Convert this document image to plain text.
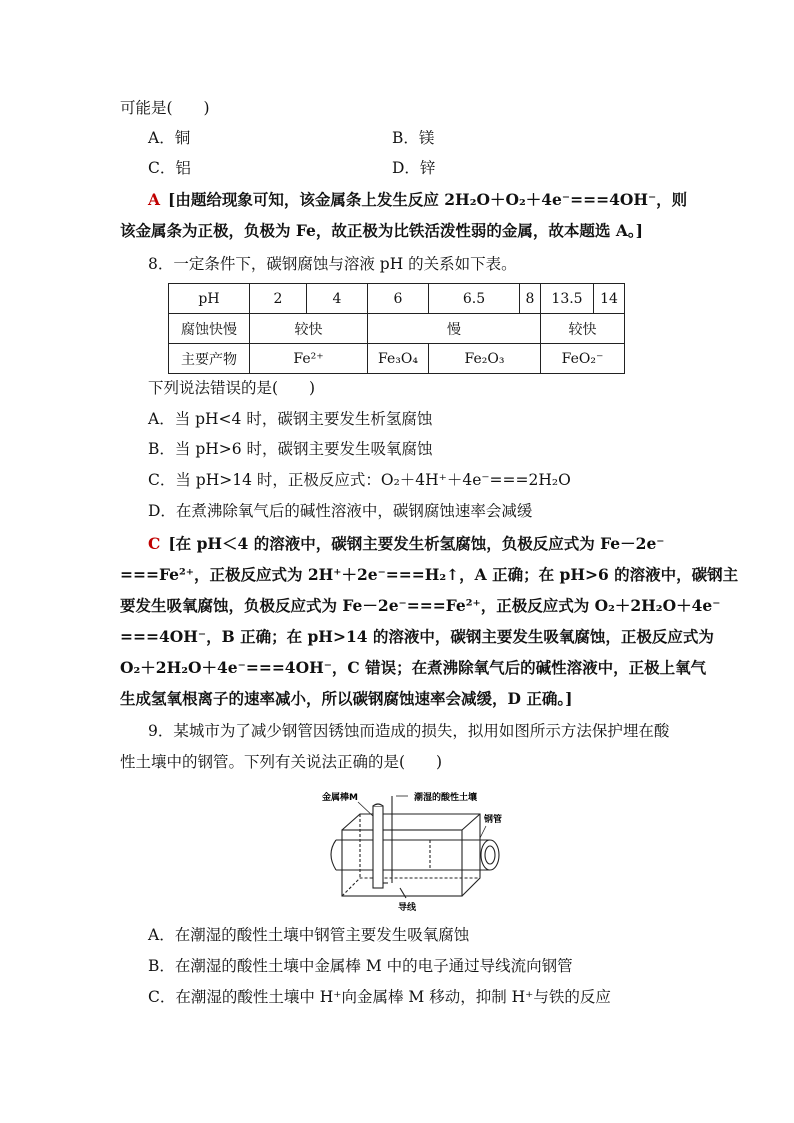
可能是(　　)
A．铜	B．镁
C．铝	D．锌
A [由题给现象可知，该金属条上发生反应 2H₂O＋O₂＋4e⁻===4OH⁻，则
该金属条为正极，负极为 Fe，故正极为比铁活泼性弱的金属，故本题选 A。]
8．一定条件下，碳钢腐蚀与溶液 pH 的关系如下表。
pH	2	4	6	6.5	8	13.5	14
腐蚀快慢	较快		慢			较快	
主要产物	Fe²⁺		Fe₃O₄	Fe₂O₃		FeO₂⁻	
下列说法错误的是(　　)
A．当 pH<4 时，碳钢主要发生析氢腐蚀
B．当 pH>6 时，碳钢主要发生吸氧腐蚀
C．当 pH>14 时，正极反应式：O₂＋4H⁺＋4e⁻===2H₂O
D．在煮沸除氧气后的碱性溶液中，碳钢腐蚀速率会减缓
C [在 pH＜4 的溶液中，碳钢主要发生析氢腐蚀，负极反应式为 Fe－2e⁻
===Fe²⁺，正极反应式为 2H⁺＋2e⁻===H₂↑，A 正确；在 pH>6 的溶液中，碳钢主
要发生吸氧腐蚀，负极反应式为 Fe－2e⁻===Fe²⁺，正极反应式为 O₂＋2H₂O＋4e⁻
===4OH⁻，B 正确；在 pH>14 的溶液中，碳钢主要发生吸氧腐蚀，正极反应式为
O₂＋2H₂O＋4e⁻===4OH⁻，C 错误；在煮沸除氧气后的碱性溶液中，正极上氧气
生成氢氧根离子的速率减小，所以碳钢腐蚀速率会减缓，D 正确。]
9．某城市为了减少钢管因锈蚀而造成的损失，拟用如图所示方法保护埋在酸
性土壤中的钢管。下列有关说法正确的是(　　)
金属棒M	潮湿的酸性土壤
钢管
导线
A．在潮湿的酸性土壤中钢管主要发生吸氧腐蚀
B．在潮湿的酸性土壤中金属棒 M 中的电子通过导线流向钢管
C．在潮湿的酸性土壤中 H⁺向金属棒 M 移动，抑制 H⁺与铁的反应
